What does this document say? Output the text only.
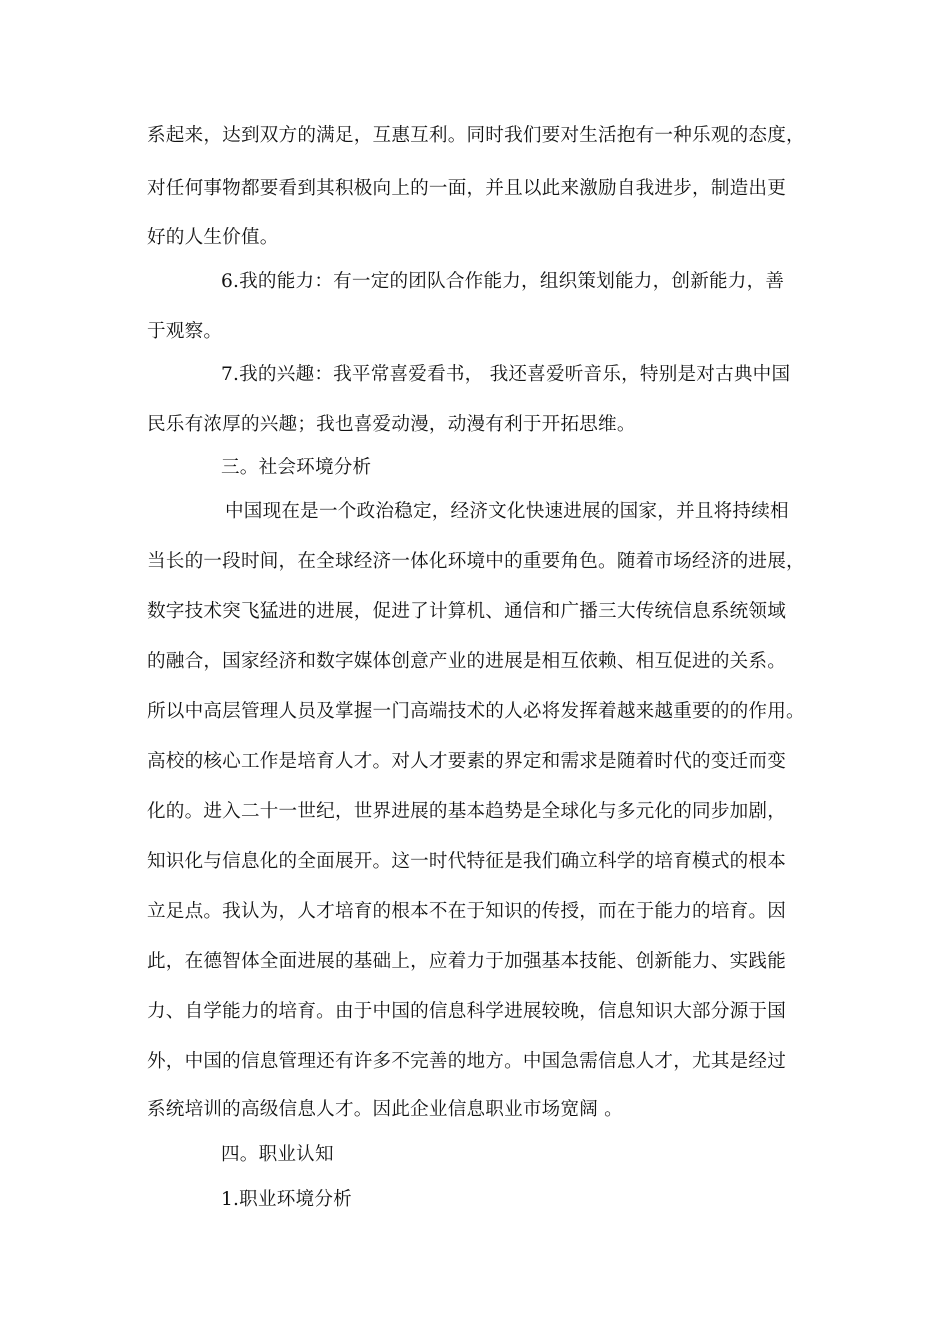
系起来，达到双方的满足，互惠互利。同时我们要对生活抱有一种乐观的态度，
对任何事物都要看到其积极向上的一面，并且以此来激励自我进步，制造出更
好的人生价值。
6.我的能力：有一定的团队合作能力，组织策划能力，创新能力，善
于观察。
7.我的兴趣：我平常喜爱看书， 我还喜爱听音乐，特别是对古典中国
民乐有浓厚的兴趣；我也喜爱动漫，动漫有利于开拓思维。
三。社会环境分析
中国现在是一个政治稳定，经济文化快速进展的国家，并且将持续相
当长的一段时间，在全球经济一体化环境中的重要角色。随着市场经济的进展，
数字技术突飞猛进的进展，促进了计算机、通信和广播三大传统信息系统领域
的融合，国家经济和数字媒体创意产业的进展是相互依赖、相互促进的关系。
所以中高层管理人员及掌握一门高端技术的人必将发挥着越来越重要的的作用。
高校的核心工作是培育人才。对人才要素的界定和需求是随着时代的变迁而变
化的。进入二十一世纪，世界进展的基本趋势是全球化与多元化的同步加剧，
知识化与信息化的全面展开。这一时代特征是我们确立科学的培育模式的根本
立足点。我认为，人才培育的根本不在于知识的传授，而在于能力的培育。因
此，在德智体全面进展的基础上，应着力于加强基本技能、创新能力、实践能
力、自学能力的培育。由于中国的信息科学进展较晚，信息知识大部分源于国
外，中国的信息管理还有许多不完善的地方。中国急需信息人才，尤其是经过
系统培训的高级信息人才。因此企业信息职业市场宽阔 。
四。职业认知
1.职业环境分析
